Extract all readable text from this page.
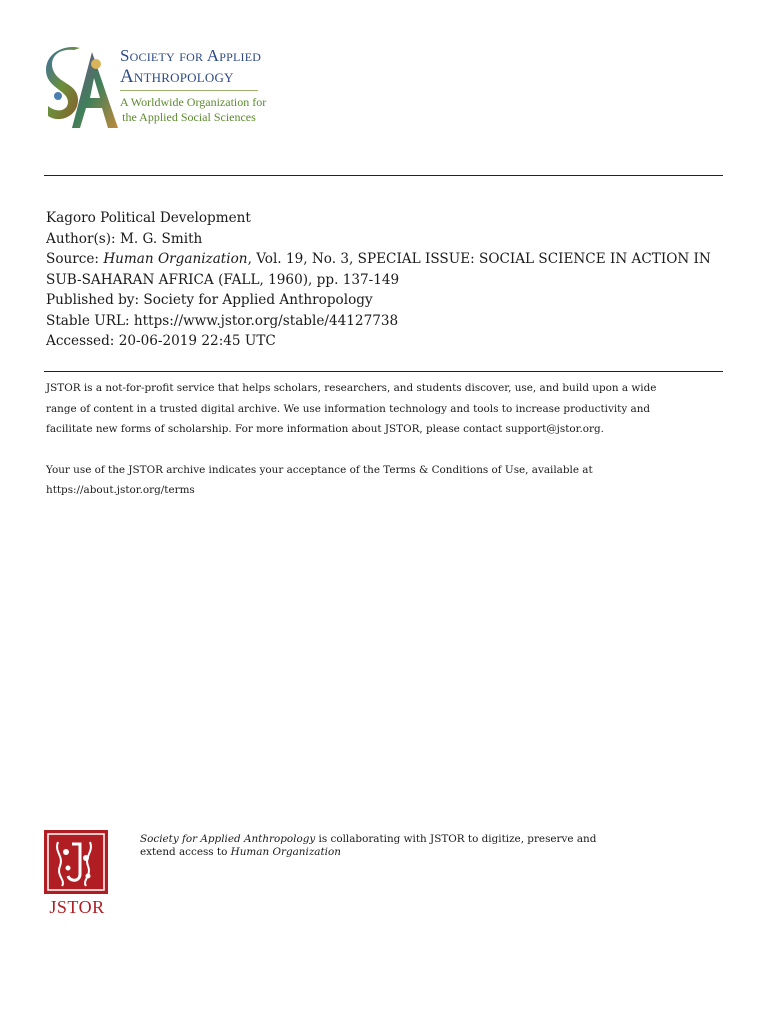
Society for Applied
Anthropology
A Worldwide Organization for
the Applied Social Sciences
Kagoro Political Development
Author(s): M. G. Smith
Source: Human Organization, Vol. 19, No. 3, SPECIAL ISSUE: SOCIAL SCIENCE IN ACTION IN
SUB-SAHARAN AFRICA (FALL, 1960), pp. 137-149
Published by: Society for Applied Anthropology
Stable URL: https://www.jstor.org/stable/44127738
Accessed: 20-06-2019 22:45 UTC

JSTOR is a not-for-profit service that helps scholars, researchers, and students discover, use, and build upon a wide

range of content in a trusted digital archive. We use information technology and tools to increase productivity and

facilitate new forms of scholarship. For more information about JSTOR, please contact support@jstor.org.

Your use of the JSTOR archive indicates your acceptance of the Terms & Conditions of Use, available at

https://about.jstor.org/terms

JSTOR
Society for Applied Anthropology is collaborating with JSTOR to digitize, preserve and
extend access to Human Organization
